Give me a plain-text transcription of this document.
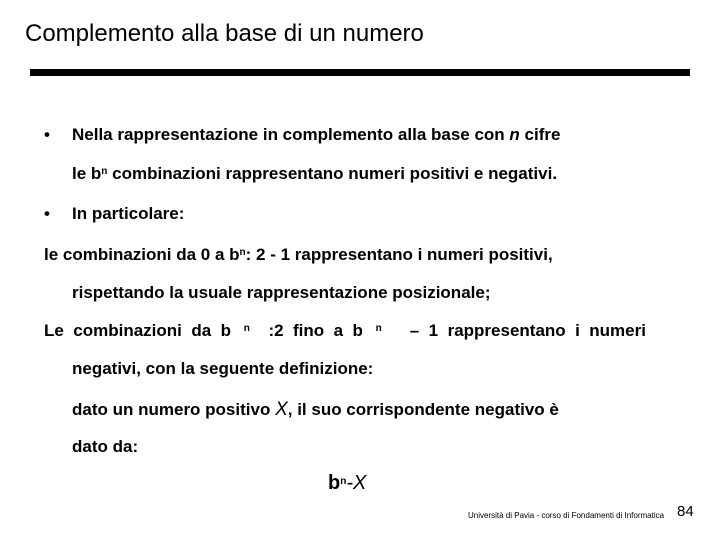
Complemento alla base di un numero
• Nella rappresentazione in complemento alla base con n cifre
le $b^n$ combinazioni rappresentano numeri positivi e negativi.
• In particolare:
le combinazioni da 0 a $b^n$: 2 - 1 rappresentano i numeri positivi,
rispettando la usuale rappresentazione posizionale;
Le  combinazioni  da  b $^n$ :2  fino  a  b $^n$ –  1  rappresentano  i  numeri
negativi, con la seguente definizione:
dato un numero positivo X, il suo corrispondente negativo è
dato da:
$b^n-X$
Università di Pavia - corso di Fondamenti di Informatica 84
